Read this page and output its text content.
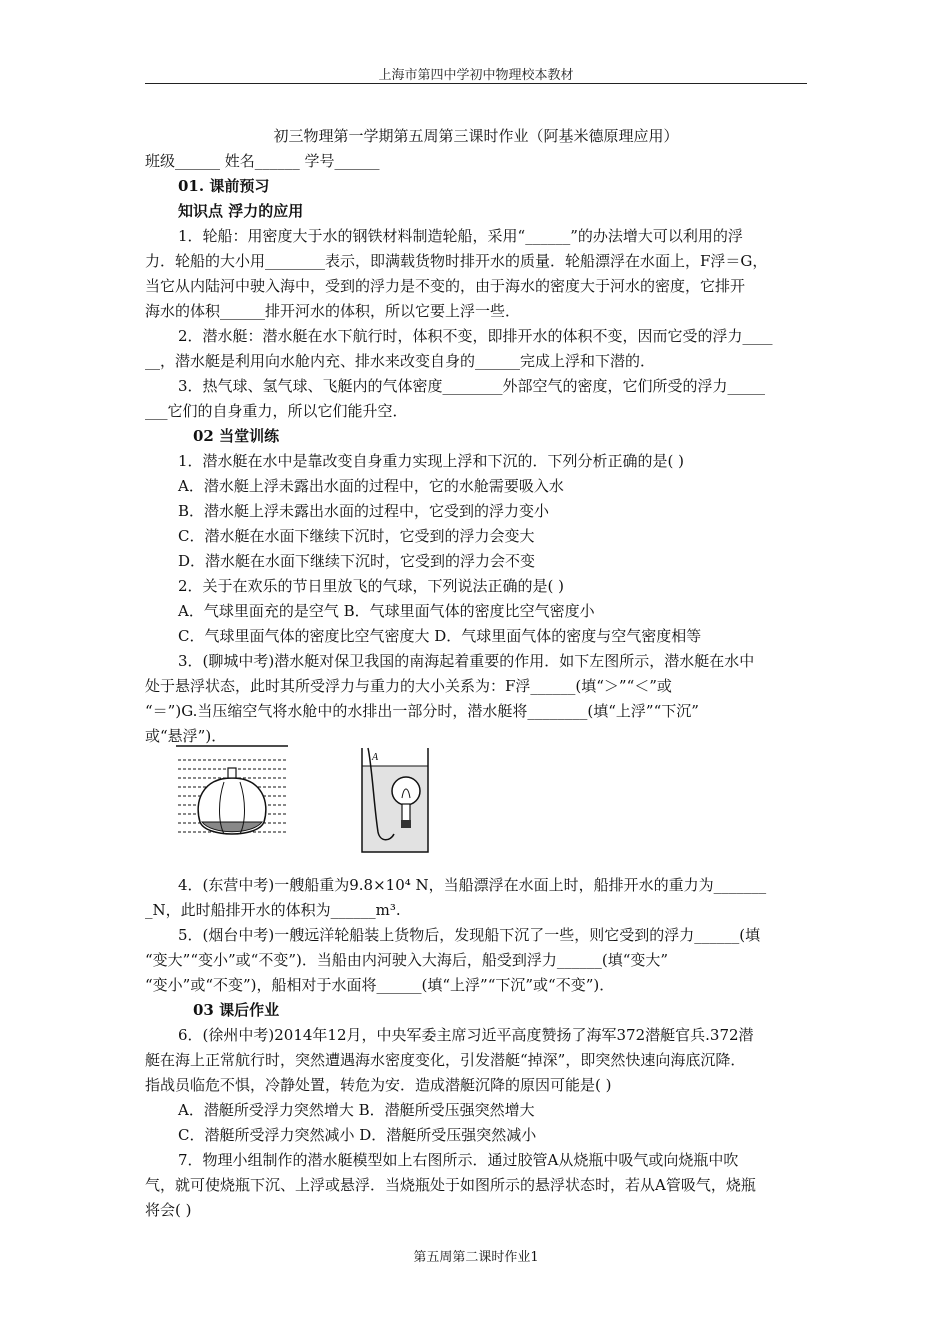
上海市第四中学初中物理校本教材
初三物理第一学期第五周第三课时作业（阿基米德原理应用）
班级______ 姓名______ 学号______
01. 课前预习
知识点 浮力的应用
1．轮船：用密度大于水的钢铁材料制造轮船，采用“______”的办法增大可以利用的浮
力．轮船的大小用________表示，即满载货物时排开水的质量．轮船漂浮在水面上，F浮＝G，
当它从内陆河中驶入海中，受到的浮力是不变的，由于海水的密度大于河水的密度，它排开
海水的体积______排开河水的体积，所以它要上浮一些．
2．潜水艇：潜水艇在水下航行时，体积不变，即排开水的体积不变，因而它受的浮力____
__，潜水艇是利用向水舱内充、排水来改变自身的______完成上浮和下潜的．
3．热气球、氢气球、飞艇内的气体密度________外部空气的密度，它们所受的浮力_____
___它们的自身重力，所以它们能升空．
02 当堂训练
1．潜水艇在水中是靠改变自身重力实现上浮和下沉的．下列分析正确的是( )
A．潜水艇上浮未露出水面的过程中，它的水舱需要吸入水
B．潜水艇上浮未露出水面的过程中，它受到的浮力变小
C．潜水艇在水面下继续下沉时，它受到的浮力会变大
D．潜水艇在水面下继续下沉时，它受到的浮力会不变
2．关于在欢乐的节日里放飞的气球，下列说法正确的是( )
A．气球里面充的是空气 B．气球里面气体的密度比空气密度小
C．气球里面气体的密度比空气密度大 D．气球里面气体的密度与空气密度相等
3．(聊城中考)潜水艇对保卫我国的南海起着重要的作用．如下左图所示，潜水艇在水中
处于悬浮状态，此时其所受浮力与重力的大小关系为：F浮______(填“＞”“＜”或
“＝”)G.当压缩空气将水舱中的水排出一部分时，潜水艇将________(填“上浮”“下沉”
或“悬浮”)．
A
4．(东营中考)一艘船重为9.8×10⁴ N，当船漂浮在水面上时，船排开水的重力为_______
_N，此时船排开水的体积为______m³.
5．(烟台中考)一艘远洋轮船装上货物后，发现船下沉了一些，则它受到的浮力______(填
“变大”“变小”或“不变”)．当船由内河驶入大海后，船受到浮力______(填“变大”
“变小”或“不变”)，船相对于水面将______(填“上浮”“下沉”或“不变”)．
03 课后作业
6．(徐州中考)2014年12月，中央军委主席习近平高度赞扬了海军372潜艇官兵.372潜
艇在海上正常航行时，突然遭遇海水密度变化，引发潜艇“掉深”，即突然快速向海底沉降．
指战员临危不惧，冷静处置，转危为安．造成潜艇沉降的原因可能是( )
A．潜艇所受浮力突然增大 B．潜艇所受压强突然增大
C．潜艇所受浮力突然减小 D．潜艇所受压强突然减小
7．物理小组制作的潜水艇模型如上右图所示．通过胶管A从烧瓶中吸气或向烧瓶中吹
气，就可使烧瓶下沉、上浮或悬浮．当烧瓶处于如图所示的悬浮状态时，若从A管吸气，烧瓶
将会( )
第五周第二课时作业1
